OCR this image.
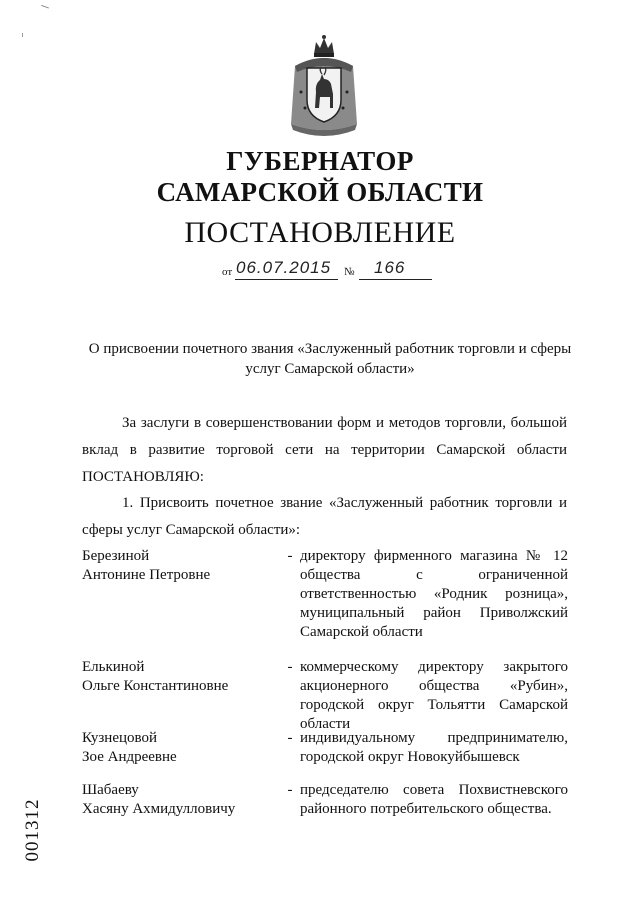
ГУБЕРНАТОР
САМАРСКОЙ ОБЛАСТИ
ПОСТАНОВЛЕНИЕ
от 06.07.2015 № 166
О присвоении почетного звания «Заслуженный работник торговли и сферы
услуг Самарской области»
За заслуги в совершенствовании форм и методов торговли, большой
вклад в развитие торговой сети на территории Самарской области
ПОСТАНОВЛЯЮ:
1. Присвоить почетное звание «Заслуженный работник торговли и
сферы услуг Самарской области»:
Березиной
Антонине Петровне
- директору фирменного магазина № 12 общества с ограниченной ответственностью «Родник розница», муниципальный район Приволжский Самарской области
Елькиной
Ольге Константиновне
- коммерческому директору закрытого акционерного общества «Рубин», городской округ Тольятти Самарской области
Кузнецовой
Зое Андреевне
- индивидуальному предпринимателю, городской округ Новокуйбышевск
Шабаеву
Хасяну Ахмидулловичу
- председателю совета Похвистневского районного потребительского общества.
001312
